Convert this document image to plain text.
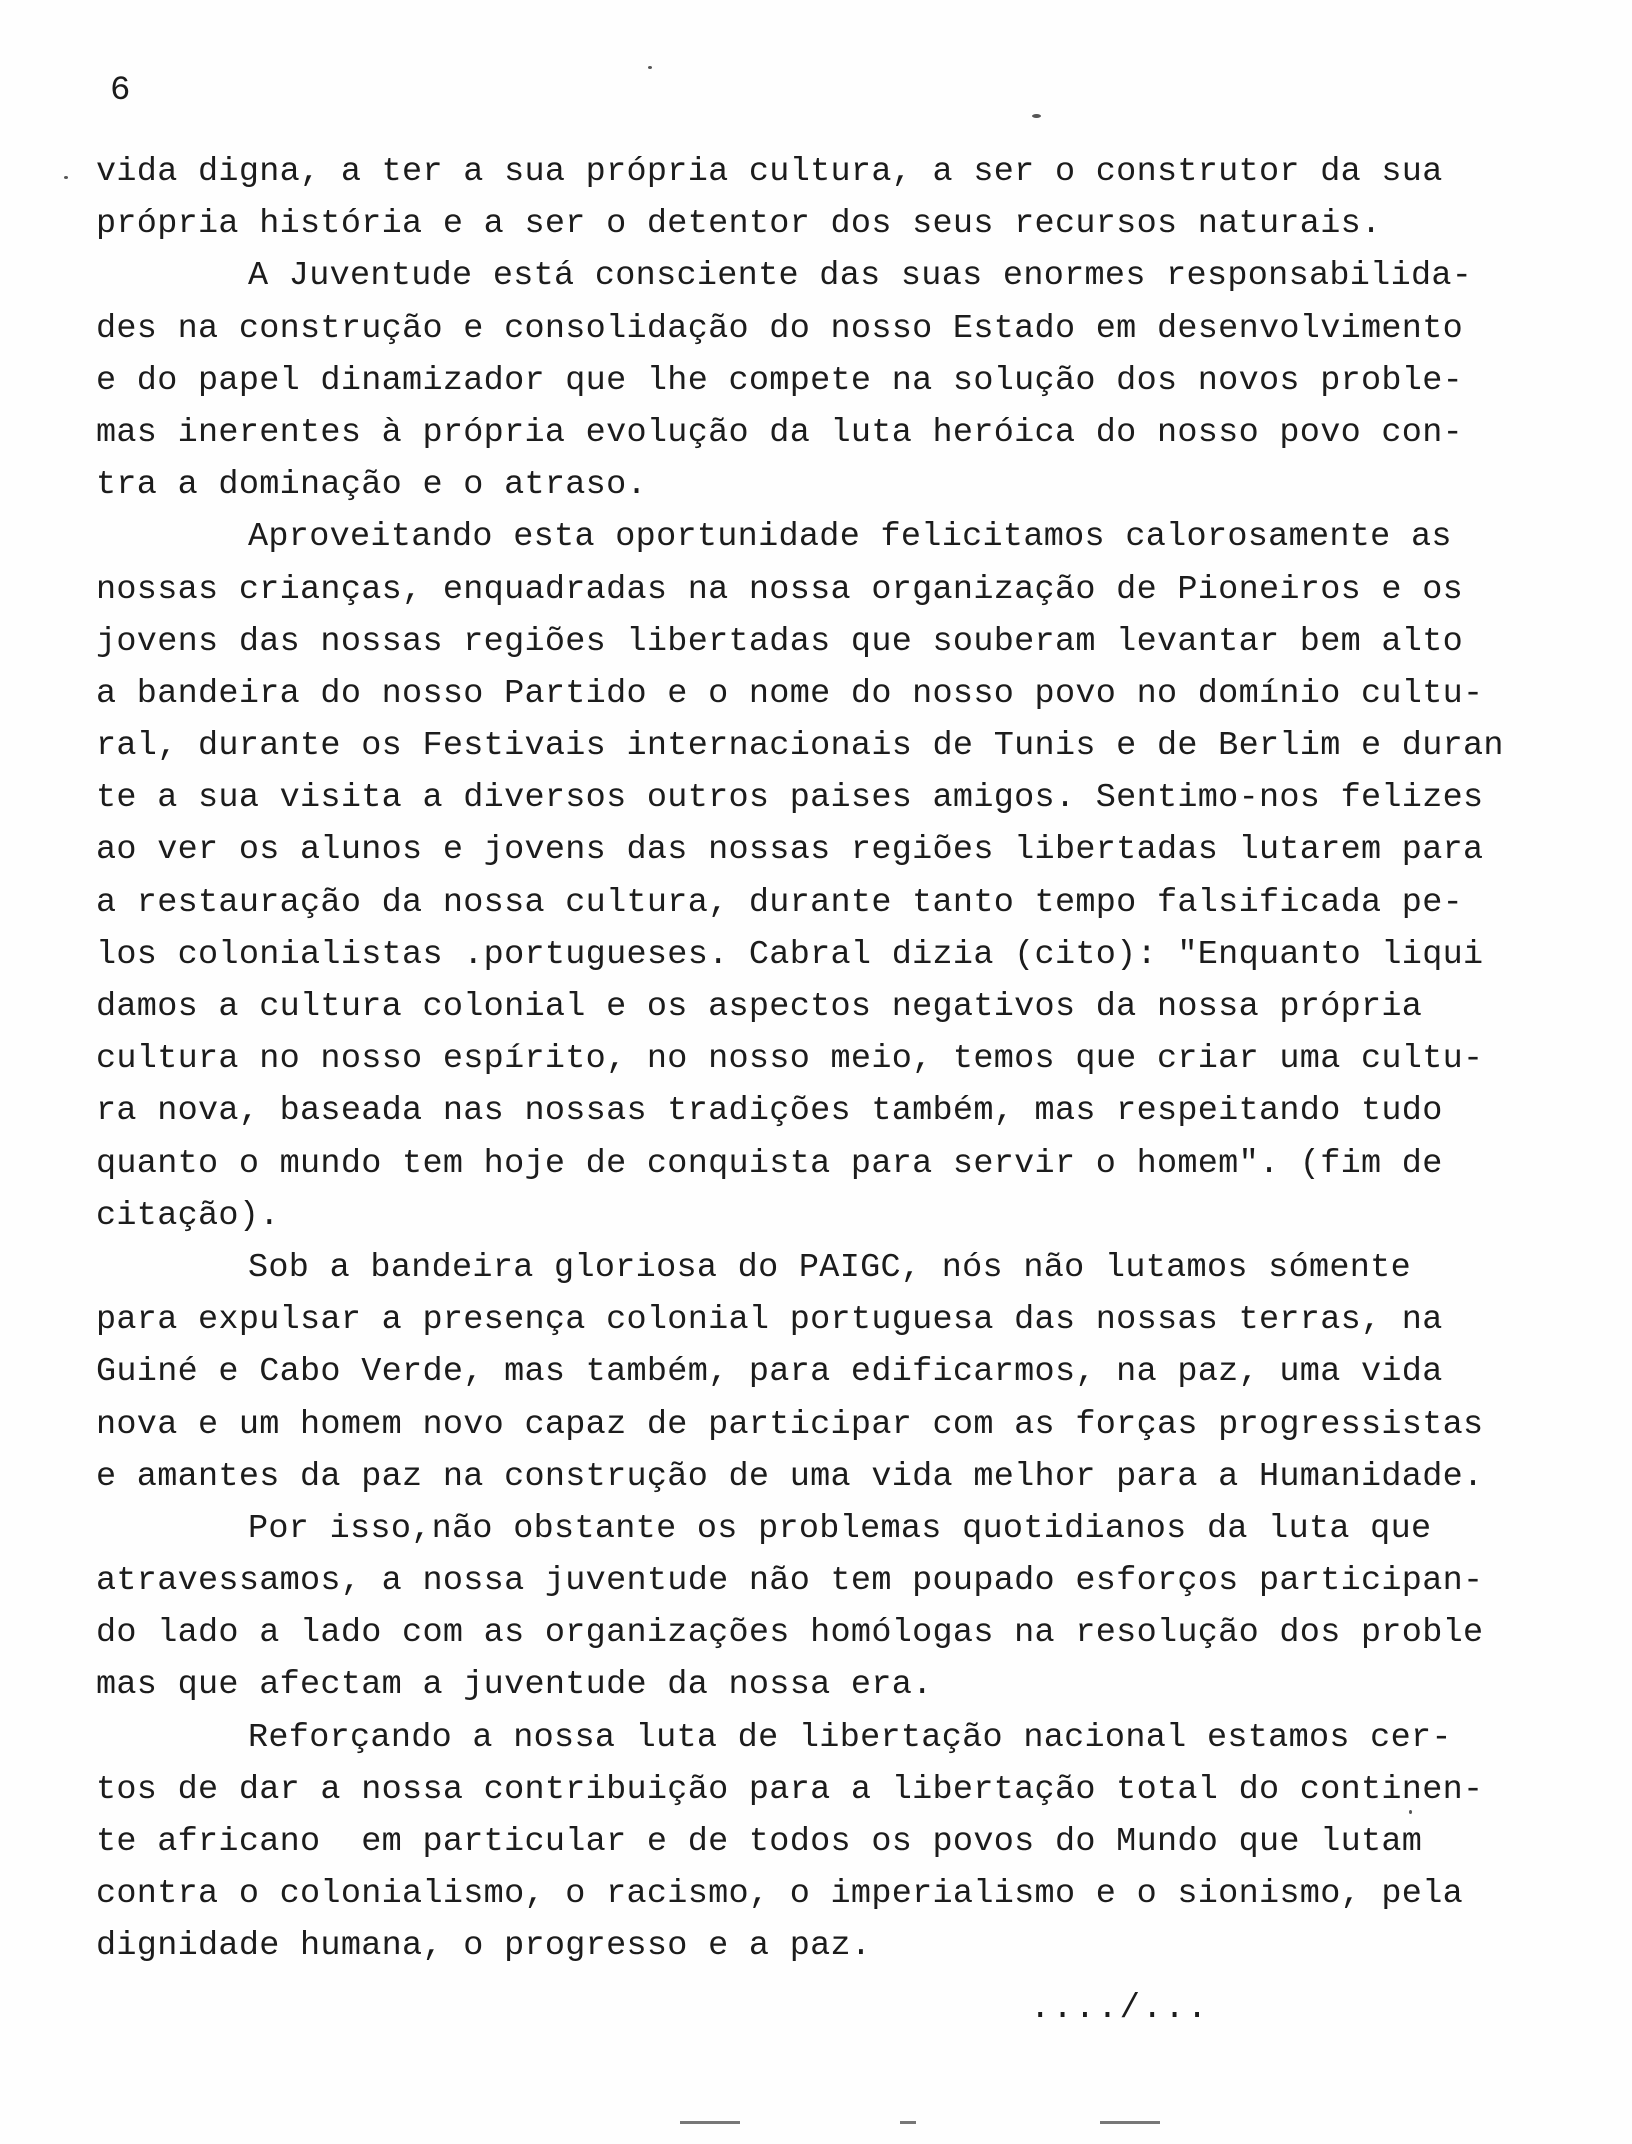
6
vida digna, a ter a sua própria cultura, a ser o construtor da sua
própria história e a ser o detentor dos seus recursos naturais.
A Juventude está consciente das suas enormes responsabilida-
des na construção e consolidação do nosso Estado em desenvolvimento
e do papel dinamizador que lhe compete na solução dos novos proble-
mas inerentes à própria evolução da luta heróica do nosso povo con-
tra a dominação e o atraso.
Aproveitando esta oportunidade felicitamos calorosamente as
nossas crianças, enquadradas na nossa organização de Pioneiros e os
jovens das nossas regiões libertadas que souberam levantar bem alto
a bandeira do nosso Partido e o nome do nosso povo no domínio cultu-
ral, durante os Festivais internacionais de Tunis e de Berlim e duran
te a sua visita a diversos outros paises amigos. Sentimo-nos felizes
ao ver os alunos e jovens das nossas regiões libertadas lutarem para
a restauração da nossa cultura, durante tanto tempo falsificada pe-
los colonialistas .portugueses. Cabral dizia (cito): "Enquanto liqui
damos a cultura colonial e os aspectos negativos da nossa própria
cultura no nosso espírito, no nosso meio, temos que criar uma cultu-
ra nova, baseada nas nossas tradições também, mas respeitando tudo
quanto o mundo tem hoje de conquista para servir o homem". (fim de
citação).
Sob a bandeira gloriosa do PAIGC, nós não lutamos sómente
para expulsar a presença colonial portuguesa das nossas terras, na
Guiné e Cabo Verde, mas também, para edificarmos, na paz, uma vida
nova e um homem novo capaz de participar com as forças progressistas
e amantes da paz na construção de uma vida melhor para a Humanidade.
Por isso,não obstante os problemas quotidianos da luta que
atravessamos, a nossa juventude não tem poupado esforços participan-
do lado a lado com as organizações homólogas na resolução dos proble
mas que afectam a juventude da nossa era.
Reforçando a nossa luta de libertação nacional estamos cer-
tos de dar a nossa contribuição para a libertação total do continen-
te africano  em particular e de todos os povos do Mundo que lutam
contra o colonialismo, o racismo, o imperialismo e o sionismo, pela
dignidade humana, o progresso e a paz.
..../...
